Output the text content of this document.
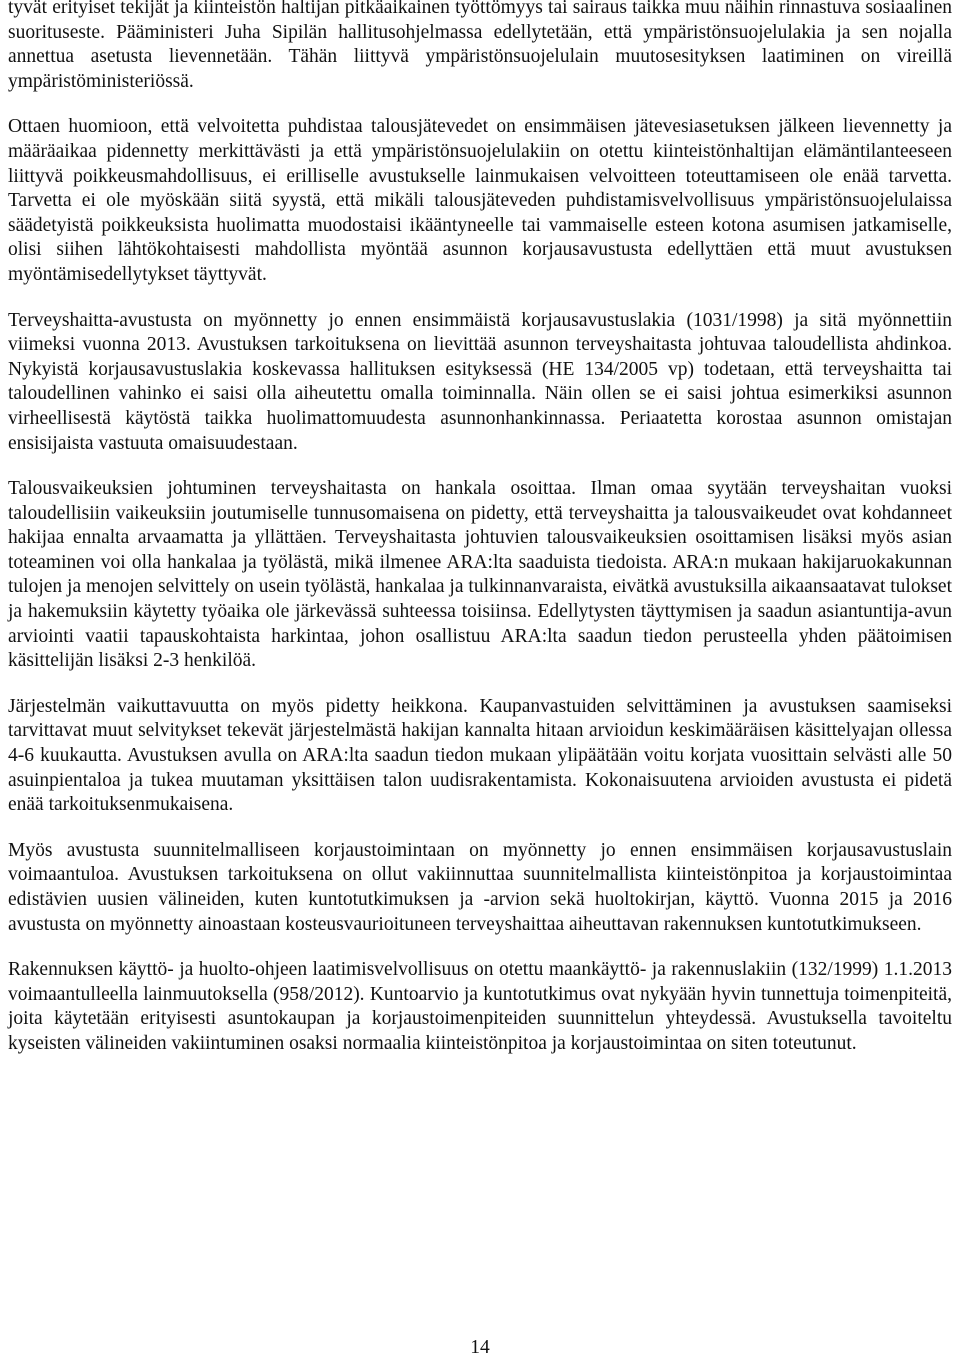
tyvät erityiset tekijät ja kiinteistön haltijan pitkäaikainen työttömyys tai sairaus taikka muu näihin rinnastuva sosiaalinen suorituseste. Pääministeri Juha Sipilän hallitusohjelmassa edellytetään, että ympäristönsuojelulakia ja sen nojalla annettua asetusta lievennetään. Tähän liittyvä ympäristönsuojelulain muutosesityksen laatiminen on vireillä ympäristöministeriössä.

Ottaen huomioon, että velvoitetta puhdistaa talousjätevedet on ensimmäisen jätevesiasetuksen jälkeen lievennetty ja määräaikaa pidennetty merkittävästi ja että ympäristönsuojelulakiin on otettu kiinteistönhaltijan elämäntilanteeseen liittyvä poikkeusmahdollisuus, ei erilliselle avustukselle lainmukaisen velvoitteen toteuttamiseen ole enää tarvetta. Tarvetta ei ole myöskään siitä syystä, että mikäli talousjäteveden puhdistamisvelvollisuus ympäristönsuojelulaissa säädetyistä poikkeuksista huolimatta muodostaisi ikääntyneelle tai vammaiselle esteen kotona asumisen jatkamiselle, olisi siihen lähtökohtaisesti mahdollista myöntää asunnon korjausavustusta edellyttäen että muut avustuksen myöntämisedellytykset täyttyvät.

Terveyshaitta-avustusta on myönnetty jo ennen ensimmäistä korjausavustuslakia (1031/1998) ja sitä myönnettiin viimeksi vuonna 2013. Avustuksen tarkoituksena on lievittää asunnon terveyshaitasta johtuvaa taloudellista ahdinkoa. Nykyistä korjausavustuslakia koskevassa hallituksen esityksessä (HE 134/2005 vp) todetaan, että terveyshaitta tai taloudellinen vahinko ei saisi olla aiheutettu omalla toiminnalla. Näin ollen se ei saisi johtua esimerkiksi asunnon virheellisestä käytöstä taikka huolimattomuudesta asunnonhankinnassa. Periaatetta korostaa asunnon omistajan ensisijaista vastuuta omaisuudestaan.

Talousvaikeuksien johtuminen terveyshaitasta on hankala osoittaa. Ilman omaa syytään terveyshaitan vuoksi taloudellisiin vaikeuksiin joutumiselle tunnusomaisena on pidetty, että terveyshaitta ja talousvaikeudet ovat kohdanneet hakijaa ennalta arvaamatta ja yllättäen. Terveyshaitasta johtuvien talousvaikeuksien osoittamisen lisäksi myös asian toteaminen voi olla hankalaa ja työlästä, mikä ilmenee ARA:lta saaduista tiedoista. ARA:n mukaan hakijaruokakunnan tulojen ja menojen selvittely on usein työlästä, hankalaa ja tulkinnanvaraista, eivätkä avustuksilla aikaansaatavat tulokset ja hakemuksiin käytetty työaika ole järkevässä suhteessa toisiinsa. Edellytysten täyttymisen ja saadun asiantuntija-avun arviointi vaatii tapauskohtaista harkintaa, johon osallistuu ARA:lta saadun tiedon perusteella yhden päätoimisen käsittelijän lisäksi 2-3 henkilöä.

Järjestelmän vaikuttavuutta on myös pidetty heikkona. Kaupanvastuiden selvittäminen ja avustuksen saamiseksi tarvittavat muut selvitykset tekevät järjestelmästä hakijan kannalta hitaan arvioidun keskimääräisen käsittelyajan ollessa 4-6 kuukautta. Avustuksen avulla on ARA:lta saadun tiedon mukaan ylipäätään voitu korjata vuosittain selvästi alle 50 asuinpientaloa ja tukea muutaman yksittäisen talon uudisrakentamista. Kokonaisuutena arvioiden avustusta ei pidetä enää tarkoituksenmukaisena.

Myös avustusta suunnitelmalliseen korjaustoimintaan on myönnetty jo ennen ensimmäisen korjausavustuslain voimaantuloa. Avustuksen tarkoituksena on ollut vakiinnuttaa suunnitelmallista kiinteistönpitoa ja korjaustoimintaa edistävien uusien välineiden, kuten kuntotutkimuksen ja -arvion sekä huoltokirjan, käyttö. Vuonna 2015 ja 2016 avustusta on myönnetty ainoastaan kosteusvaurioituneen terveyshaittaa aiheuttavan rakennuksen kuntotutkimukseen.

Rakennuksen käyttö- ja huolto-ohjeen laatimisvelvollisuus on otettu maankäyttö- ja rakennuslakiin (132/1999) 1.1.2013 voimaantulleella lainmuutoksella (958/2012). Kuntoarvio ja kuntotutkimus ovat nykyään hyvin tunnettuja toimenpiteitä, joita käytetään erityisesti asuntokaupan ja korjaustoimenpiteiden suunnittelun yhteydessä. Avustuksella tavoiteltu kyseisten välineiden vakiintuminen osaksi normaalia kiinteistönpitoa ja korjaustoimintaa on siten toteutunut.

14
